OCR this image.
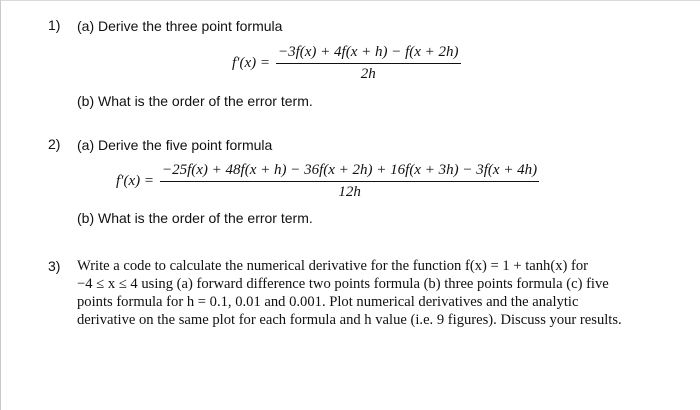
1) (a) Derive the three point formula
$f'(x) = \frac{-3f(x) + 4f(x + h) - f(x + 2h)}{2h}$
(b) What is the order of the error term.
2) (a) Derive the five point formula
f′(x) =
−25f(x) + 48f(x + h) − 36f(x + 2h) + 16f(x + 3h) − 3f(x + 4h)
12h
(b) What is the order of the error term.
3) Write a code to calculate the numerical derivative for the function f(x) = 1 + tanh(x) for
−4 ≤ x ≤ 4 using (a) forward difference two points formula (b) three points formula (c) five
points formula for h = 0.1, 0.01 and 0.001. Plot numerical derivatives and the analytic
derivative on the same plot for each formula and h value (i.e. 9 figures). Discuss your results.
